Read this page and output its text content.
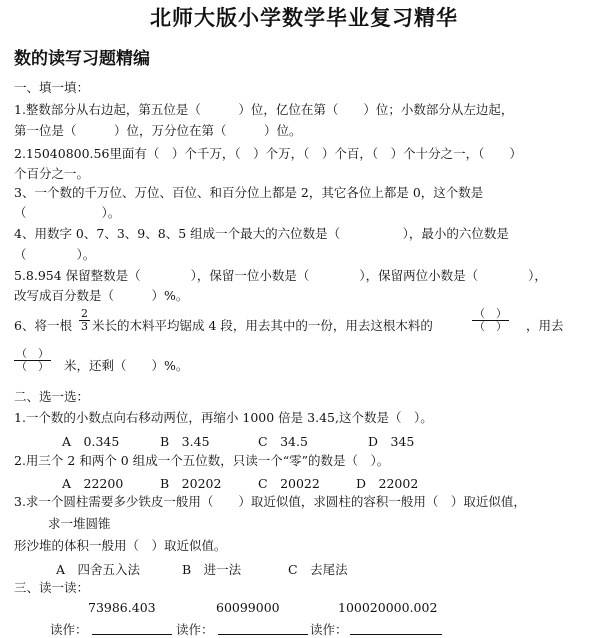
北师大版小学数学毕业复习精华
数的读写习题精编
一、填一填：
1.整数部分从右边起，第五位是（　　　）位，亿位在第（　　）位；小数部分从左边起，
第一位是（　　　）位，万分位在第（　　　）位。
2.15040800.56里面有（　）个千万，（　）个万，（　）个百，（　）个十分之一，（　　）
个百分之一。
3、一个数的千万位、万位、百位、和百分位上都是 2，其它各位上都是 0，这个数是
（　　　　　　）。
4、用数字 0、7、3、9、8、5 组成一个最大的六位数是（　　　　　），最小的六位数是
（　　　　）。
5.8.954 保留整数是（　　　　），保留一位小数是（　　　　），保留两位小数是（　　　　），
改写成百分数是（　　　）%。
6、将一根 $\frac{2}{3}$ 米长的木料平均锯成 4 段，用去其中的一份，用去这根木料的
（　）
（　） ，用去
（　）
（　） 米，还剩（　　）%。
二、选一选：
1.一个数的小数点向右移动两位，再缩小 1000 倍是 3.45,这个数是（　）。
A　0.345	B　3.45	C　34.5	D　345
2.用三个 2 和两个 0 组成一个五位数，只读一个“零”的数是（　）。
A　22200	B　20202	C　20022	D　22002
3.求一个圆柱需要多少铁皮一般用（　　）取近似值，求圆柱的容积一般用（　）取近似值，
求一堆圆锥
形沙堆的体积一般用（　）取近似值。
A　四舍五入法	B　进一法	C　去尾法
三、读一读：
73986.403	60099000	100020000.002
读作：	读作：	读作：
